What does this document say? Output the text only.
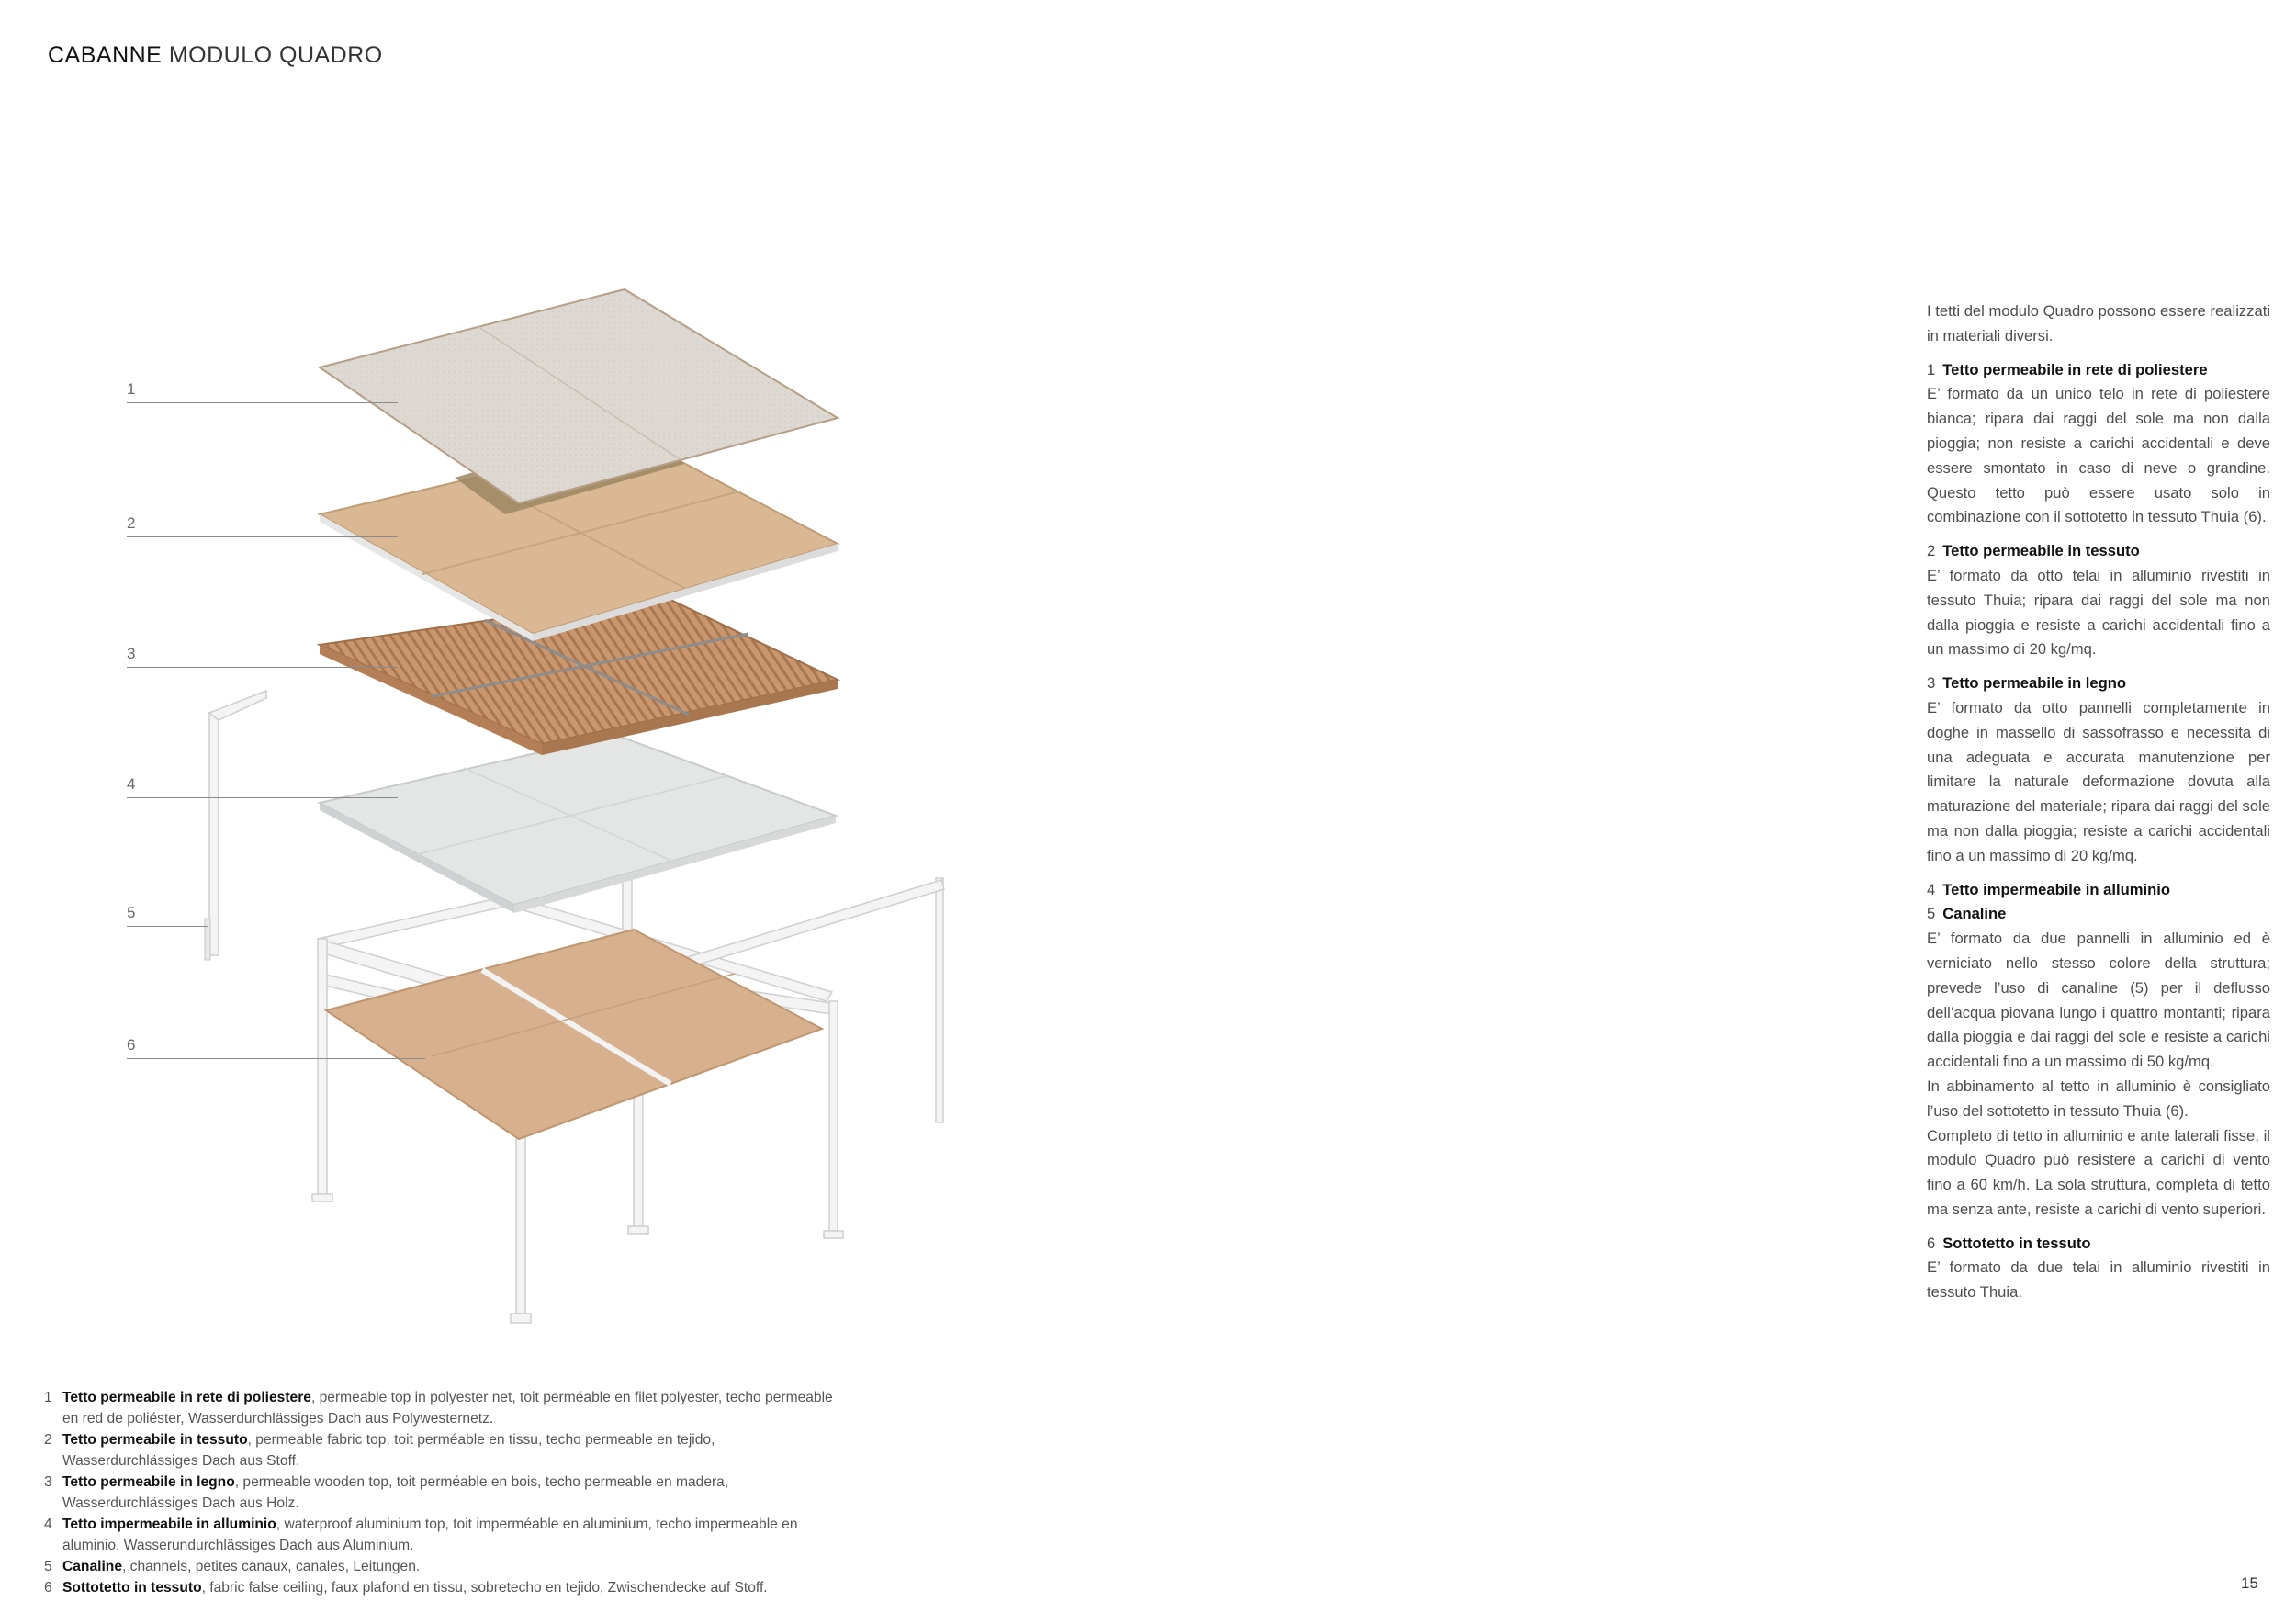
CABANNE MODULO QUADRO
1
2
3
4
5
6

I tetti del modulo Quadro possono essere realizzati in materiali diversi.

1 Tetto permeabile in rete di poliestere

E’ formato da un unico telo in rete di poliestere bianca; ripara dai raggi del sole ma non dalla pioggia; non resiste a carichi accidentali e deve essere smontato in caso di neve o grandine. Questo tetto può essere usato solo in combinazione con il sottotetto in tessuto Thuia (6).

2 Tetto permeabile in tessuto

E’ formato da otto telai in alluminio rivestiti in tessuto Thuia; ripara dai raggi del sole ma non dalla pioggia e resiste a carichi accidentali fino a un massimo di 20 kg/mq.

3 Tetto permeabile in legno

E’ formato da otto pannelli completamente in doghe in massello di sassofrasso e necessita di una adeguata e accurata manutenzione per limitare la naturale deformazione dovuta alla maturazione del materiale; ripara dai raggi del sole ma non dalla pioggia; resiste a carichi accidentali fino a un massimo di 20 kg/mq.

4 Tetto impermeabile in alluminio
5 Canaline

E’ formato da due pannelli in alluminio ed è verniciato nello stesso colore della struttura; prevede l’uso di canaline (5) per il deflusso dell’acqua piovana lungo i quattro montanti; ripara dalla pioggia e dai raggi del sole e resiste a carichi accidentali fino a un massimo di 50 kg/mq.

In abbinamento al tetto in alluminio è consigliato l’uso del sottotetto in tessuto Thuia (6).

Completo di tetto in alluminio e ante laterali fisse, il modulo Quadro può resistere a carichi di vento fino a 60 km/h. La sola struttura, completa di tetto ma senza ante, resiste a carichi di vento superiori.

6 Sottotetto in tessuto

E’ formato da due telai in alluminio rivestiti in tessuto Thuia.

1 Tetto permeabile in rete di poliestere, permeable top in polyester net, toit perméable en filet polyester, techo permeable en red de poliéster, Wasserdurchlässiges Dach aus Polywesternetz.
2 Tetto permeabile in tessuto, permeable fabric top, toit perméable en tissu, techo permeable en tejido, Wasserdurchlässiges Dach aus Stoff.
3 Tetto permeabile in legno, permeable wooden top, toit perméable en bois, techo permeable en madera, Wasserdurchlässiges Dach aus Holz.
4 Tetto impermeabile in alluminio, waterproof aluminium top, toit imperméable en aluminium, techo impermeable en aluminio, Wasserundurchlässiges Dach aus Aluminium.
5 Canaline, channels, petites canaux, canales, Leitungen.
6 Sottotetto in tessuto, fabric false ceiling, faux plafond en tissu, sobretecho en tejido, Zwischendecke auf Stoff.	15
